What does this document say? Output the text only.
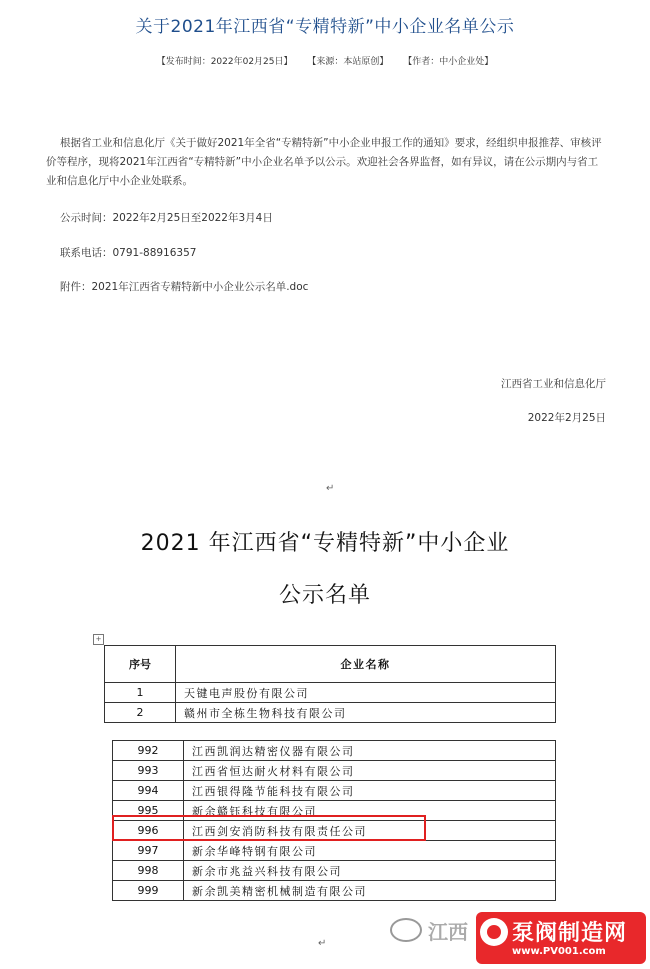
关于2021年江西省“专精特新”中小企业名单公示
【发布时间：2022年02月25日】 【来源：本站原创】 【作者：中小企业处】
根据省工业和信息化厅《关于做好2021年全省“专精特新”中小企业申报工作的通知》要求，经组织申报推荐、审核评价等程序，现将2021年江西省“专精特新”中小企业名单予以公示。欢迎社会各界监督，如有异议，请在公示期内与省工业和信息化厅中小企业处联系。
公示时间：2022年2月25日至2022年3月4日
联系电话：0791-88916357
附件：2021年江西省专精特新中小企业公示名单.doc
江西省工业和信息化厅
2022年2月25日
↵
2021 年江西省“专精特新”中小企业
公示名单
+
序号	企业名称
1	天键电声股份有限公司
2	赣州市全栋生物科技有限公司
992	江西凯润达精密仪器有限公司
993	江西省恒达耐火材料有限公司
994	江西银得隆节能科技有限公司
995	新余赣钰科技有限公司
996	江西剑安消防科技有限责任公司
997	新余华峰特钢有限公司
998	新余市兆益兴科技有限公司
999	新余凯美精密机械制造有限公司
↵	江西 泵阀制造网
www.PV001.com
